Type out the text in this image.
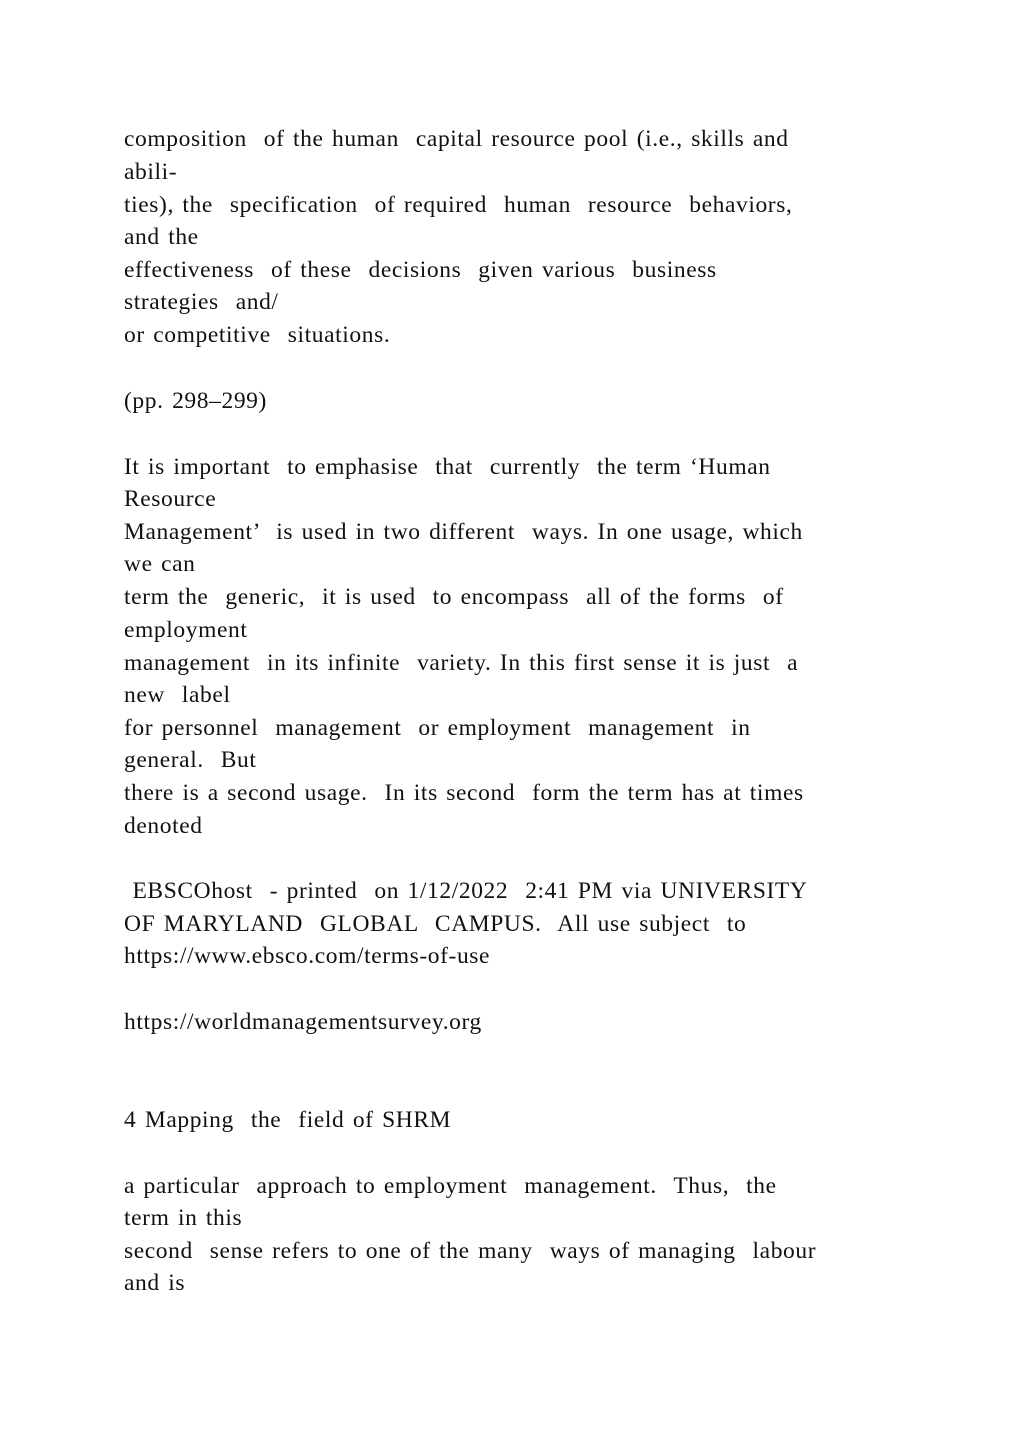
composition  of the human  capital resource pool (i.e., skills and
abili-
ties), the  specification  of required  human  resource  behaviors,
and the
effectiveness  of these  decisions  given various  business
strategies  and/
or competitive  situations.
(pp. 298–299)
It is important  to emphasise  that  currently  the term ‘Human
Resource
Management’  is used in two different  ways. In one usage, which
we can
term the  generic,  it is used  to encompass  all of the forms  of
employment
management  in its infinite  variety. In this first sense it is just  a
new  label
for personnel  management  or employment  management  in
general.  But
there is a second usage.  In its second  form the term has at times
denoted
EBSCOhost  - printed  on 1/12/2022  2:41 PM via UNIVERSITY
OF MARYLAND  GLOBAL  CAMPUS.  All use subject  to
https://www.ebsco.com/terms-of-use
https://worldmanagementsurvey.org
4 Mapping  the  field of SHRM
a particular  approach to employment  management.  Thus,  the
term in this
second  sense refers to one of the many  ways of managing  labour
and is
